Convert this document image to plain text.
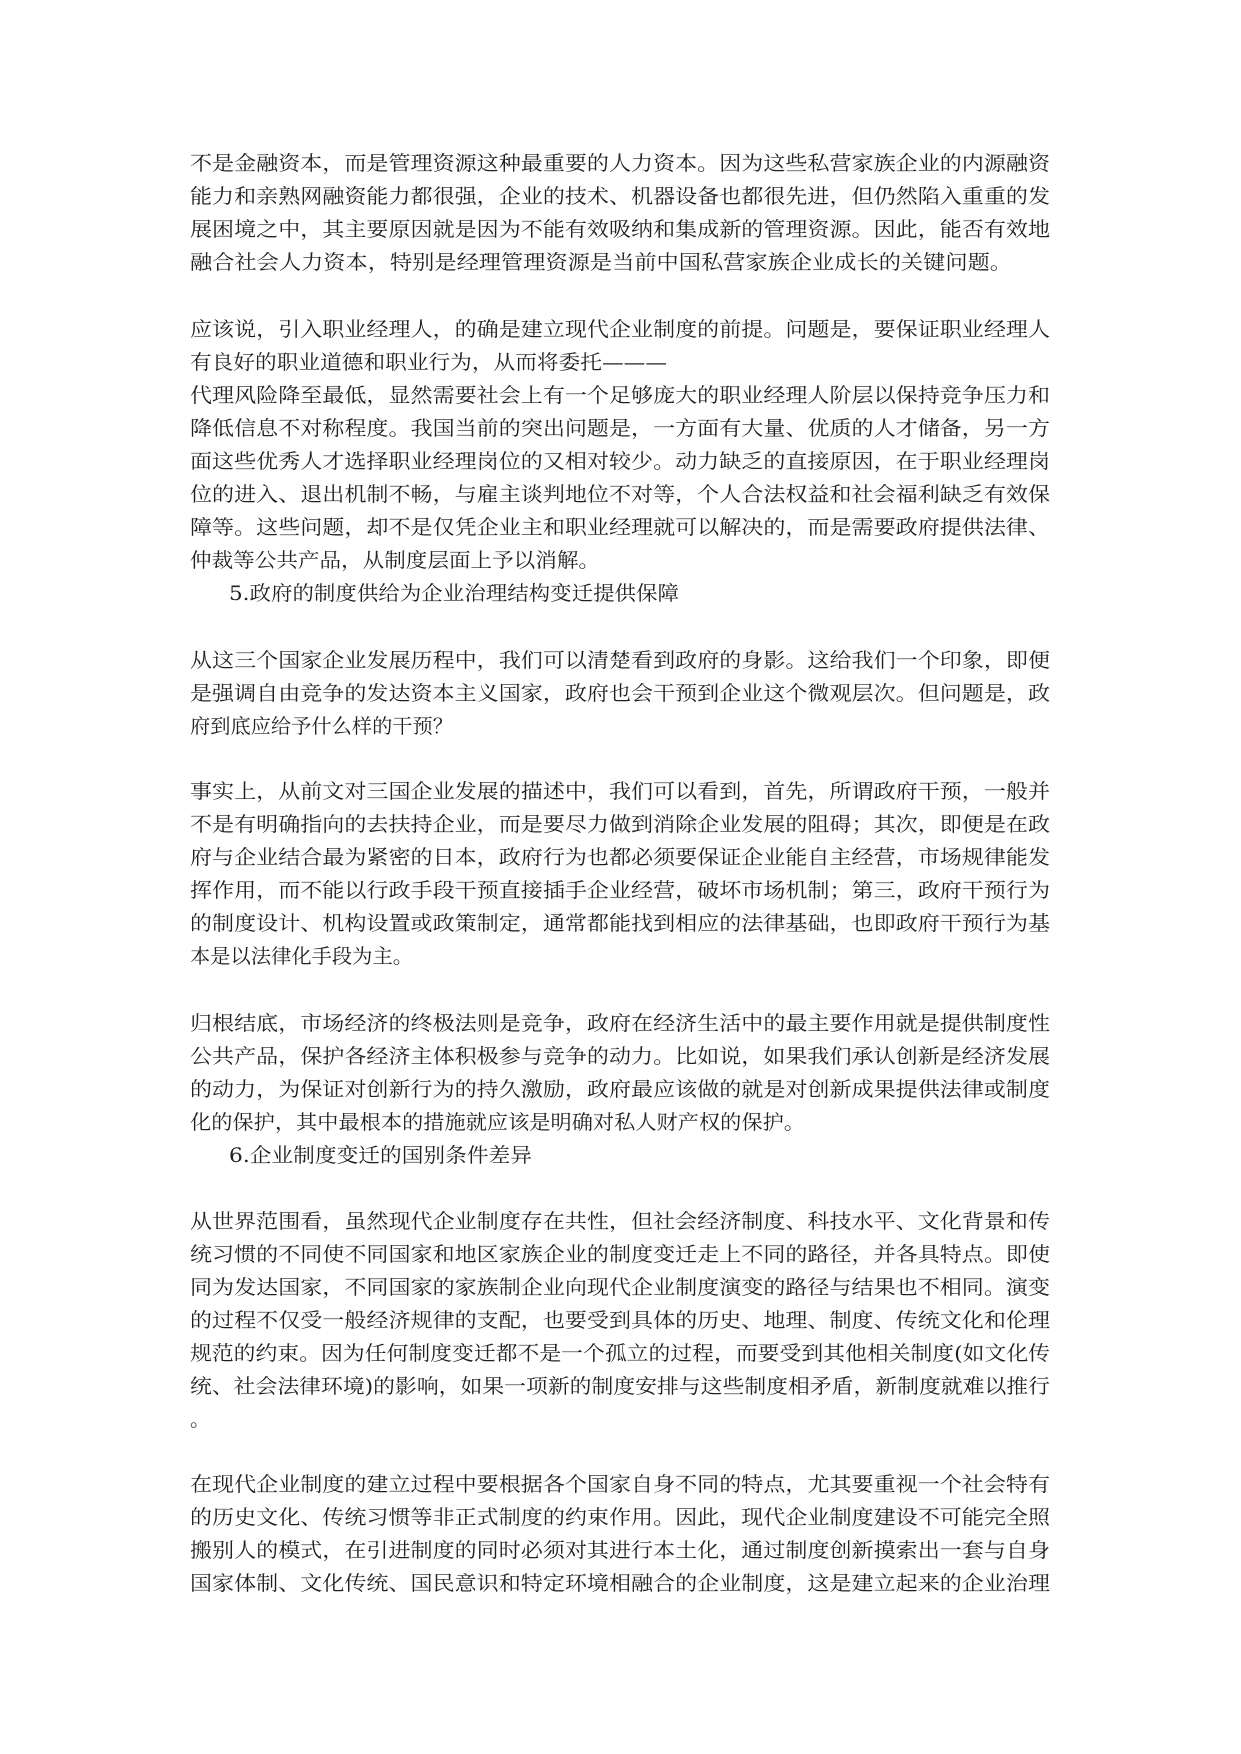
不是金融资本，而是管理资源这种最重要的人力资本。因为这些私营家族企业的内源融资
能力和亲熟网融资能力都很强，企业的技术、机器设备也都很先进，但仍然陷入重重的发
展困境之中，其主要原因就是因为不能有效吸纳和集成新的管理资源。因此，能否有效地
融合社会人力资本，特别是经理管理资源是当前中国私营家族企业成长的关键问题。
应该说，引入职业经理人，的确是建立现代企业制度的前提。问题是，要保证职业经理人
有良好的职业道德和职业行为，从而将委托———
代理风险降至最低，显然需要社会上有一个足够庞大的职业经理人阶层以保持竞争压力和
降低信息不对称程度。我国当前的突出问题是，一方面有大量、优质的人才储备，另一方
面这些优秀人才选择职业经理岗位的又相对较少。动力缺乏的直接原因，在于职业经理岗
位的进入、退出机制不畅，与雇主谈判地位不对等，个人合法权益和社会福利缺乏有效保
障等。这些问题，却不是仅凭企业主和职业经理就可以解决的，而是需要政府提供法律、
仲裁等公共产品，从制度层面上予以消解。
5.政府的制度供给为企业治理结构变迁提供保障
从这三个国家企业发展历程中，我们可以清楚看到政府的身影。这给我们一个印象，即便
是强调自由竞争的发达资本主义国家，政府也会干预到企业这个微观层次。但问题是，政
府到底应给予什么样的干预？
事实上，从前文对三国企业发展的描述中，我们可以看到，首先，所谓政府干预，一般并
不是有明确指向的去扶持企业，而是要尽力做到消除企业发展的阻碍；其次，即便是在政
府与企业结合最为紧密的日本，政府行为也都必须要保证企业能自主经营，市场规律能发
挥作用，而不能以行政手段干预直接插手企业经营，破坏市场机制；第三，政府干预行为
的制度设计、机构设置或政策制定，通常都能找到相应的法律基础，也即政府干预行为基
本是以法律化手段为主。
归根结底，市场经济的终极法则是竞争，政府在经济生活中的最主要作用就是提供制度性
公共产品，保护各经济主体积极参与竞争的动力。比如说，如果我们承认创新是经济发展
的动力，为保证对创新行为的持久激励，政府最应该做的就是对创新成果提供法律或制度
化的保护，其中最根本的措施就应该是明确对私人财产权的保护。
6.企业制度变迁的国别条件差异
从世界范围看，虽然现代企业制度存在共性，但社会经济制度、科技水平、文化背景和传
统习惯的不同使不同国家和地区家族企业的制度变迁走上不同的路径，并各具特点。即使
同为发达国家，不同国家的家族制企业向现代企业制度演变的路径与结果也不相同。演变
的过程不仅受一般经济规律的支配，也要受到具体的历史、地理、制度、传统文化和伦理
规范的约束。因为任何制度变迁都不是一个孤立的过程，而要受到其他相关制度(如文化传
统、社会法律环境)的影响，如果一项新的制度安排与这些制度相矛盾，新制度就难以推行
。
在现代企业制度的建立过程中要根据各个国家自身不同的特点，尤其要重视一个社会特有
的历史文化、传统习惯等非正式制度的约束作用。因此，现代企业制度建设不可能完全照
搬别人的模式，在引进制度的同时必须对其进行本土化，通过制度创新摸索出一套与自身
国家体制、文化传统、国民意识和特定环境相融合的企业制度，这是建立起来的企业治理
